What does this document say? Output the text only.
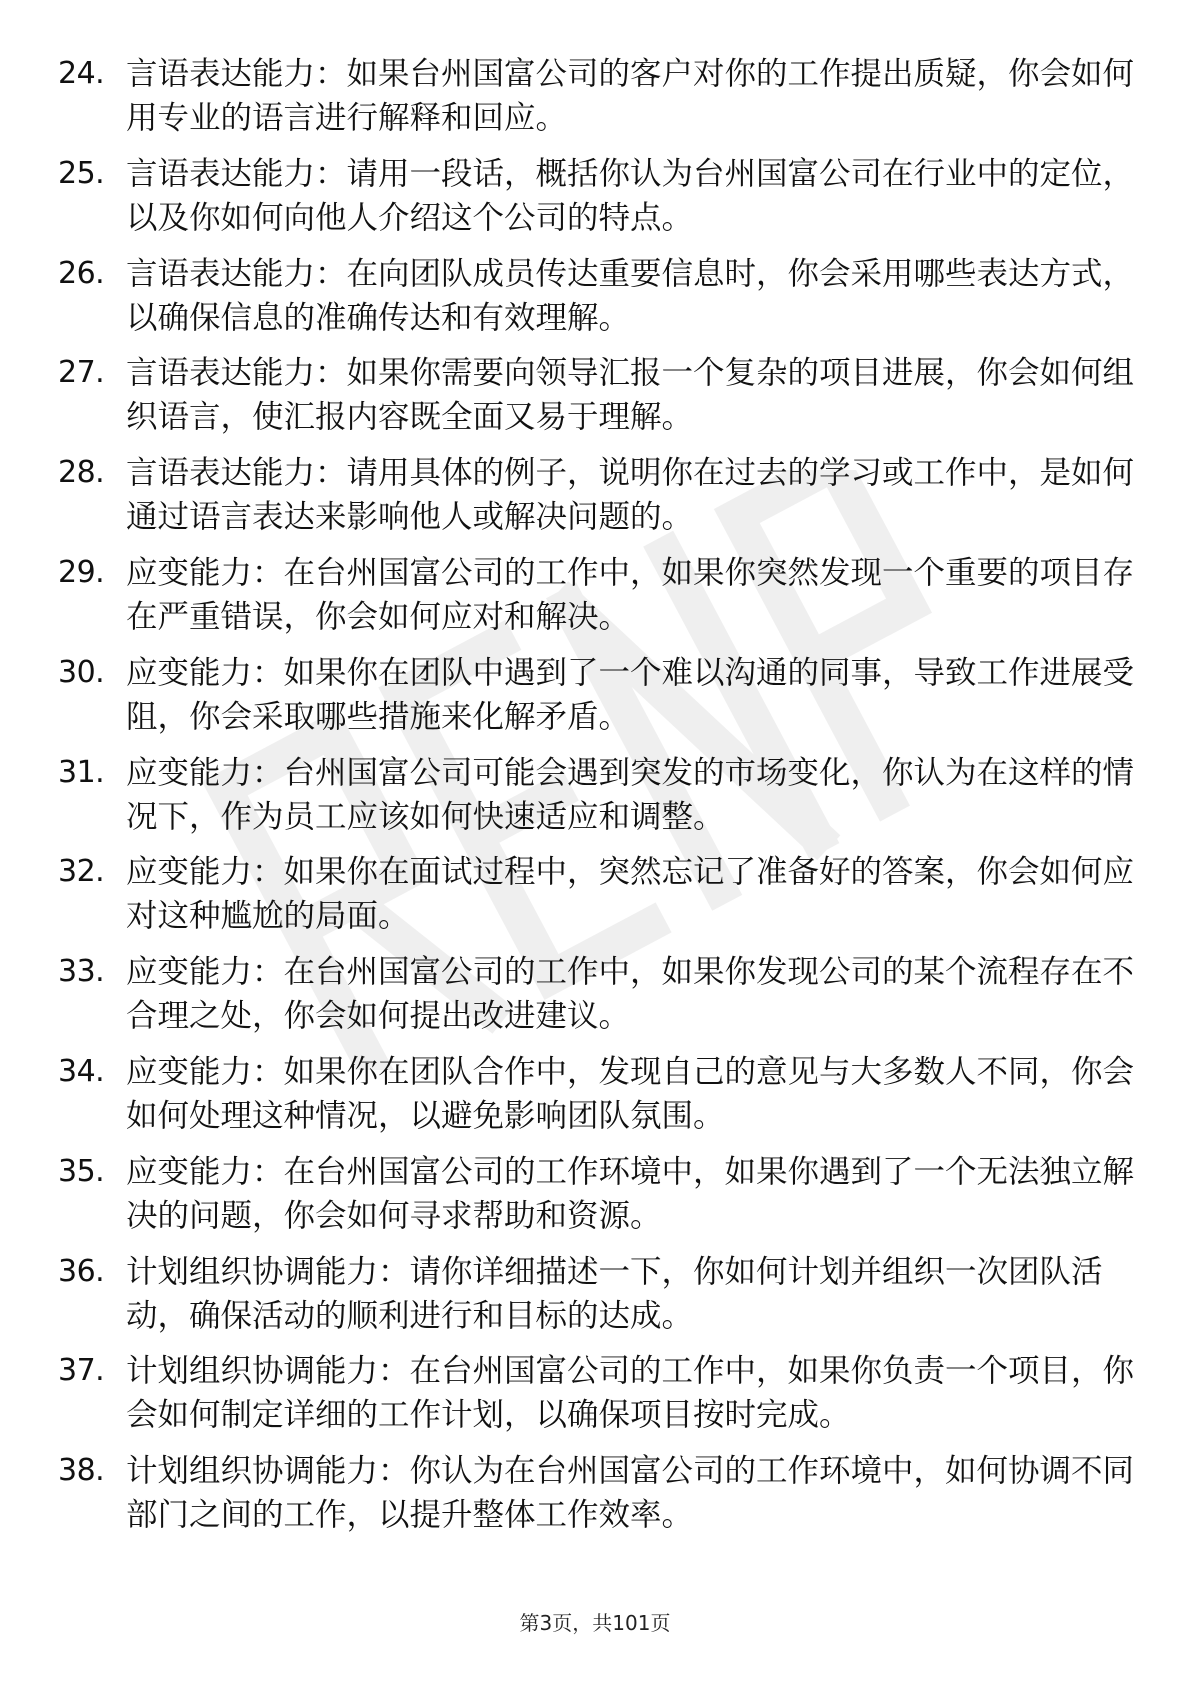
24. 言语表达能力：如果台州国富公司的客户对你的工作提出质疑，你会如何用专业的语言进行解释和回应。
25. 言语表达能力：请用一段话，概括你认为台州国富公司在行业中的定位，以及你如何向他人介绍这个公司的特点。
26. 言语表达能力：在向团队成员传达重要信息时，你会采用哪些表达方式，以确保信息的准确传达和有效理解。
27. 言语表达能力：如果你需要向领导汇报一个复杂的项目进展，你会如何组织语言，使汇报内容既全面又易于理解。
28. 言语表达能力：请用具体的例子，说明你在过去的学习或工作中，是如何通过语言表达来影响他人或解决问题的。
29. 应变能力：在台州国富公司的工作中，如果你突然发现一个重要的项目存在严重错误，你会如何应对和解决。
30. 应变能力：如果你在团队中遇到了一个难以沟通的同事，导致工作进展受阻，你会采取哪些措施来化解矛盾。
31. 应变能力：台州国富公司可能会遇到突发的市场变化，你认为在这样的情况下，作为员工应该如何快速适应和调整。
32. 应变能力：如果你在面试过程中，突然忘记了准备好的答案，你会如何应对这种尴尬的局面。
33. 应变能力：在台州国富公司的工作中，如果你发现公司的某个流程存在不合理之处，你会如何提出改进建议。
34. 应变能力：如果你在团队合作中，发现自己的意见与大多数人不同，你会如何处理这种情况，以避免影响团队氛围。
35. 应变能力：在台州国富公司的工作环境中，如果你遇到了一个无法独立解决的问题，你会如何寻求帮助和资源。
36. 计划组织协调能力：请你详细描述一下，你如何计划并组织一次团队活动，确保活动的顺利进行和目标的达成。
37. 计划组织协调能力：在台州国富公司的工作中，如果你负责一个项目，你会如何制定详细的工作计划，以确保项目按时完成。
38. 计划组织协调能力：你认为在台州国富公司的工作环境中，如何协调不同部门之间的工作，以提升整体工作效率。
第3页，共101页
